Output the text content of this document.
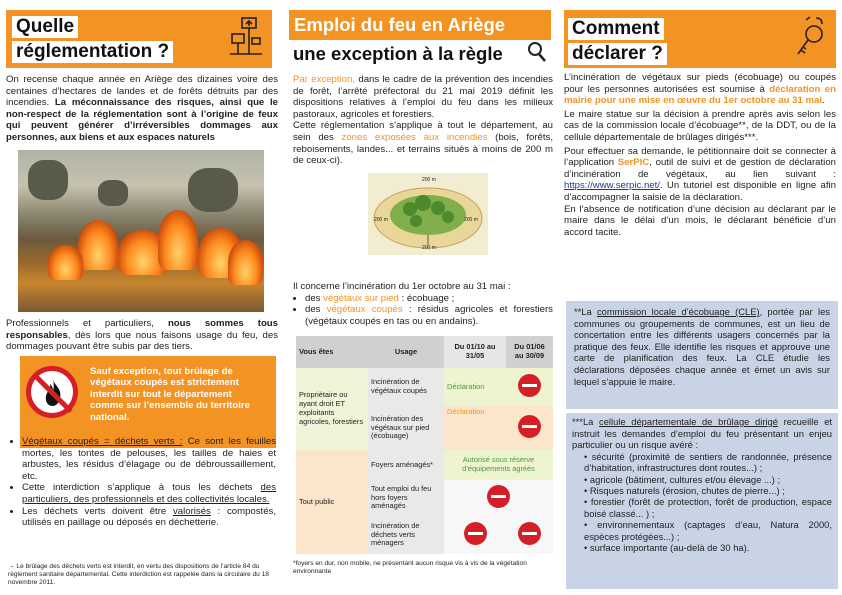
Quelle
réglementation ?

On recense chaque année en Ariège des dizaines voire des centaines d’hectares de landes et de forêts détruits par des incendies. La méconnaissance des risques, ainsi que le non-respect de la réglementation sont à l’origine de feux qui peuvent générer d’irréversibles dommages aux personnes, aux biens et aux espaces naturels

Professionnels et particuliers, nous sommes tous responsables, dès lors que nous faisons usage du feu, des dommages pouvant être subis par des tiers.

Sauf exception, tout brûlage de végétaux coupés est strictement interdit sur tout le département comme sur l’ensemble du territoire national.
• Végétaux coupés = déchets verts : Ce sont les feuilles mortes, les tontes de pelouses, les tailles de haies et arbustes, les résidus d’élagage ou de débroussaillement, etc.
• Cette interdiction s’applique à tous les déchets des particuliers, des professionnels et des collectivités locales.
• Les déchets verts doivent être valorisés : compostés, utilisés en paillage ou déposés en déchetterie.

→ Le brûlage des déchets verts est interdit, en vertu des dispositions de l’article 84 du règlement sanitaire départemental. Cette interdiction est rappelée dans la circulaire du 18 novembre 2011.

Emploi du feu en Ariège
une exception à la règle

Par exception, dans le cadre de la prévention des incendies de forêt, l’arrêté préfectoral du 21 mai 2019 définit les dispositions relatives à l’emploi du feu dans les milieux pastoraux, agricoles et forestiers.

Cette réglementation s’applique à tout le département, au sein des zones exposées aux incendies (bois, forêts, reboisements, landes... et terrains situés à moins de 200 m de ceux-ci).

200 m	200 m
200 m
200 m

Il concerne l’incinération du 1er octobre au 31 mai :

• des végétaux sur pied : écobuage ;
• des végétaux coupés : résidus agricoles et forestiers (végétaux coupés en tas ou en andains).
Vous êtes	Usage	Du 01/10 au 31/05	Du 01/06 au 30/09
Propriétaire ou ayant droit ET exploitants agricoles, forestiers	Incinération de végétaux coupés	Déclaration	
	Incinération des végétaux sur pied (écobuage)	Déclaration	
Tout public	Foyers aménagés*	Autorisé sous réserve d’équipements agréés	
	Tout emploi du feu hors foyers aménagés		
	Incinération de déchets verts ménagers		

*foyers en dur, non mobile, ne présentant aucun risque vis à vis de la végétation environnante

Comment
déclarer ?

L’incinération de végétaux sur pieds (écobuage) ou coupés pour les personnes autorisées est soumise à déclaration en mairie pour une mise en œuvre du 1er octobre au 31 mai.

Le maire statue sur la décision à prendre après avis selon les cas de la commission locale d’écobuage**, de la DDT, ou de la cellule départementale de brûlages dirigés***.

Pour effectuer sa demande, le pétitionnaire doit se connecter à l’application SerPIC, outil de suivi et de gestion de déclaration d’incinération de végétaux, au lien suivant : https://www.serpic.net/. Un tutoriel est disponible en ligne afin d’accompagner la saisie de la déclaration.

En l’absence de notification d’une décision au déclarant par le maire dans le délai d’un mois, le déclarant bénéficie d’un accord tacite.

**La commission locale d’écobuage (CLE), portée par les communes ou groupements de communes, est un lieu de concertation entre les différents usagers concernés par la pratique des feux. Elle identifie les risques et approuve une carte de planification des feux. La CLE étudie les déclarations déposées chaque année et émet un avis sur lequel s’appuie le maire.

***La cellule départementale de brûlage dirigé recueille et instruit les demandes d’emploi du feu présentant un enjeu particulier ou un risque avéré :

• sécurité (proximité de sentiers de randonnée, présence d’habitation, infrastructures dont routes...) ;
• agricole (bâtiment, cultures et/ou élevage ...) ;
• Risques naturels (érosion, chutes de pierre...) ;
• forestier (forêt de protection, forêt de production, espace boisé classé... ) ;
• environnementaux (captages d’eau, Natura 2000, espèces protégées...) ;
• surface importante (au-delà de 30 ha).
